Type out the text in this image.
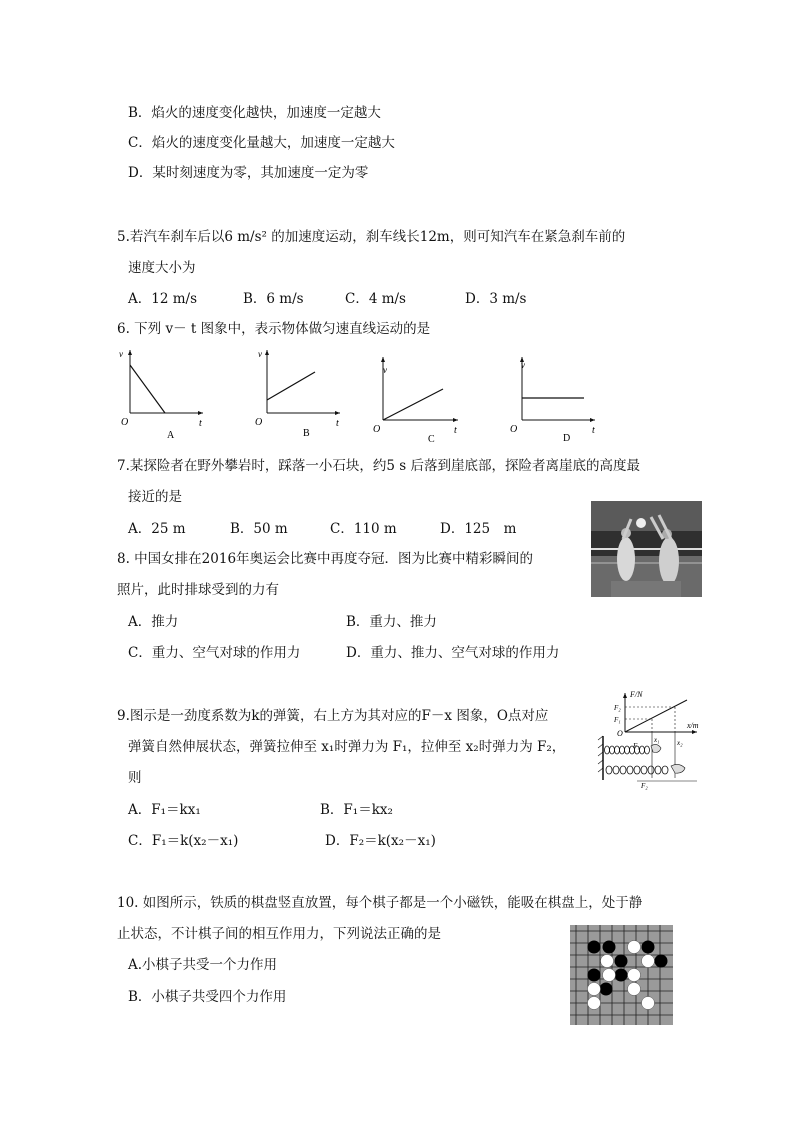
B．焰火的速度变化越快，加速度一定越大
C．焰火的速度变化量越大，加速度一定越大
D．某时刻速度为零，其加速度一定为零
5.若汽车刹车后以6 m/s² 的加速度运动，刹车线长12m，则可知汽车在紧急刹车前的
速度大小为
A．12 m/s	B．6 m/s	C．4 m/s	D．3 m/s
6. 下列 v－ t 图象中，表示物体做匀速直线运动的是
v
O	t
A
v
O	t
B
v
O	t
C
v
O	t
D
7.某探险者在野外攀岩时，踩落一小石块，约5 s 后落到崖底部，探险者离崖底的高度最
接近的是
A．25 m	B．50 m	C．110 m	D．125　m
8. 中国女排在2016年奥运会比赛中再度夺冠．图为比赛中精彩瞬间的
照片，此时排球受到的力有
A．推力	B．重力、推力
C．重力、空气对球的作用力	D．重力、推力、空气对球的作用力
9.图示是一劲度系数为k的弹簧，右上方为其对应的F－x 图象，O点对应
弹簧自然伸展状态，弹簧拉伸至 x₁时弹力为 F₁，拉伸至 x₂时弹力为 F₂，
则
A．F₁＝kx₁	B．F₁＝kx₂
C．F₁＝k(x₂－x₁)	D．F₂＝k(x₂－x₁)
F/N
x/m
O
F₁
F₂
x₁ x₂
F₁
F₂
10. 如图所示，铁质的棋盘竖直放置，每个棋子都是一个小磁铁，能吸在棋盘上，处于静
止状态，不计棋子间的相互作用力，下列说法正确的是
A.小棋子共受一个力作用
B．小棋子共受四个力作用
